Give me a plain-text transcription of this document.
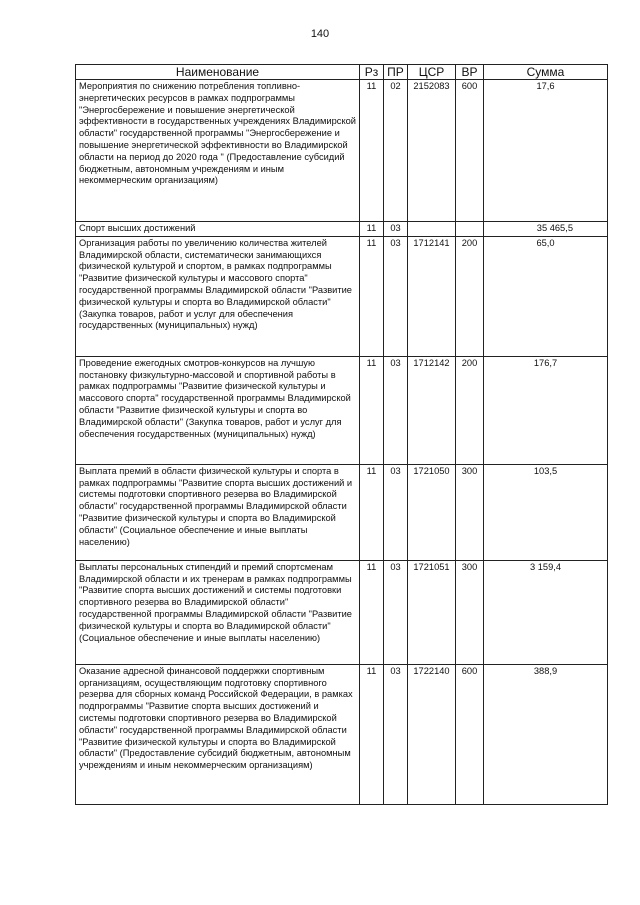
140
Наименование	Рз	ПР	ЦСР	ВР	Сумма
Мероприятия по снижению потребления топливно-энергетических ресурсов в рамках подпрограммы "Энергосбережение и повышение энергетической эффективности в государственных учреждениях Владимирской области" государственной программы "Энергосбережение и повышение энергетической эффективности во Владимирской области на период до 2020 года " (Предоставление субсидий бюджетным, автономным учреждениям и иным некоммерческим организациям)	11	02	2152083	600	17,6
Спорт высших достижений	11	03			35 465,5
Организация работы по увеличению количества жителей Владимирской области, систематически занимающихся физической культурой и спортом, в рамках подпрограммы "Развитие физической культуры и массового спорта" государственной программы Владимирской области "Развитие физической культуры и спорта во Владимирской области" (Закупка товаров, работ и услуг для обеспечения государственных (муниципальных) нужд)	11	03	1712141	200	65,0
Проведение ежегодных смотров-конкурсов на лучшую постановку физкультурно-массовой и спортивной работы в рамках подпрограммы "Развитие физической культуры и массового спорта" государственной программы Владимирской области "Развитие физической культуры и спорта во Владимирской области" (Закупка товаров, работ и услуг для обеспечения государственных (муниципальных) нужд)	11	03	1712142	200	176,7
Выплата премий в области физической культуры и спорта в рамках подпрограммы "Развитие спорта высших достижений и системы подготовки спортивного резерва во Владимирской области" государственной программы Владимирской области "Развитие физической культуры и спорта во Владимирской области" (Социальное обеспечение и иные выплаты населению)	11	03	1721050	300	103,5
Выплаты персональных стипендий и премий спортсменам Владимирской области и их тренерам в рамках подпрограммы "Развитие спорта высших достижений и системы подготовки спортивного резерва во Владимирской области" государственной программы Владимирской области "Развитие физической культуры и спорта во Владимирской области" (Социальное обеспечение и иные выплаты населению)	11	03	1721051	300	3 159,4
Оказание адресной финансовой поддержки спортивным организациям, осуществляющим подготовку спортивного резерва для сборных команд Российской Федерации, в рамках подпрограммы "Развитие спорта высших достижений и системы подготовки спортивного резерва во Владимирской области" государственной программы Владимирской области "Развитие физической культуры и спорта во Владимирской области" (Предоставление субсидий бюджетным, автономным учреждениям и иным некоммерческим организациям)	11	03	1722140	600	388,9
